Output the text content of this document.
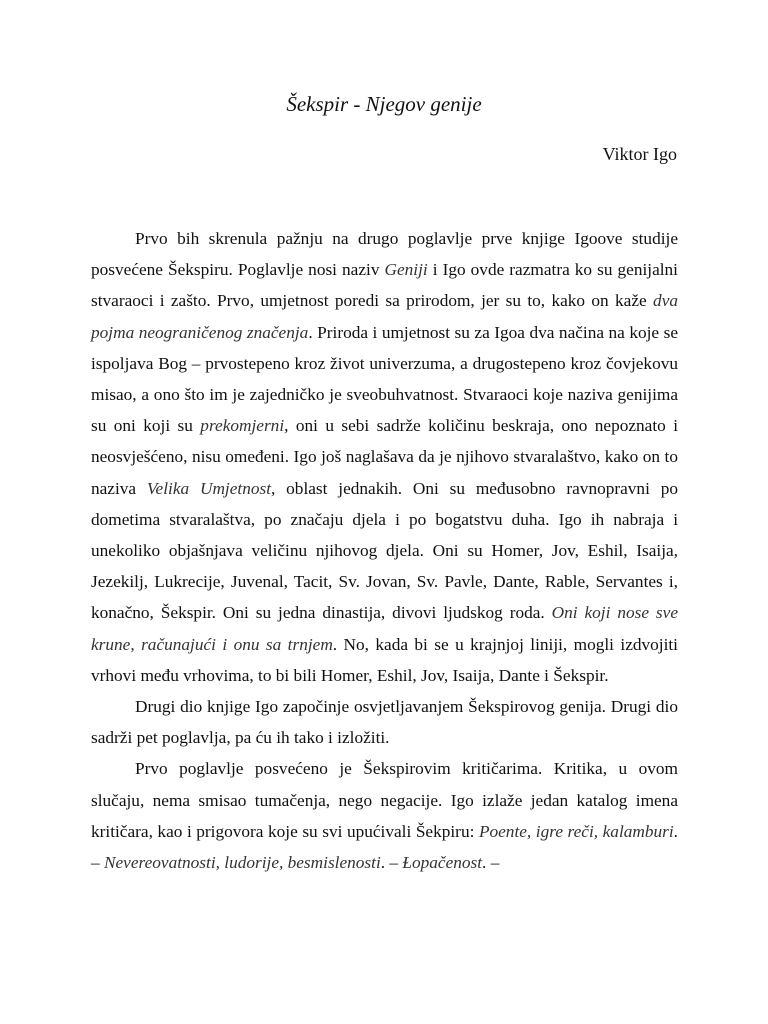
Šekspir - Njegov genije
Viktor Igo

Prvo bih skrenula pažnju na drugo poglavlje prve knjige Igoove studije posvećene Šekspiru. Poglavlje nosi naziv Geniji i Igo ovde razmatra ko su genijalni stvaraoci i zašto. Prvo, umjetnost poredi sa prirodom, jer su to, kako on kaže dva pojma neograničenog značenja. Priroda i umjetnost su za Igoa dva načina na koje se ispoljava Bog – prvostepeno kroz život univerzuma, a drugostepeno kroz čovjekovu misao, a ono što im je zajedničko je sveobuhvatnost. Stvaraoci koje naziva genijima su oni koji su prekomjerni, oni u sebi sadrže količinu beskraja, ono nepoznato i neosvješćeno, nisu omeđeni. Igo još naglašava da je njihovo stvaralaštvo, kako on to naziva Velika Umjetnost, oblast jednakih. Oni su međusobno ravnopravni po dometima stvaralaštva, po značaju djela i po bogatstvu duha. Igo ih nabraja i unekoliko objašnjava veličinu njihovog djela. Oni su Homer, Jov, Eshil, Isaija, Jezekilj, Lukrecije, Juvenal, Tacit, Sv. Jovan, Sv. Pavle, Dante, Rable, Servantes i, konačno, Šekspir. Oni su jedna dinastija, divovi ljudskog roda. Oni koji nose sve krune, računajući i onu sa trnjem. No, kada bi se u krajnjoj liniji, mogli izdvojiti vrhovi među vrhovima, to bi bili Homer, Eshil, Jov, Isaija, Dante i Šekspir.

Drugi dio knjige Igo započinje osvjetljavanjem Šekspirovog genija. Drugi dio sadrži pet poglavlja, pa ću ih tako i izložiti.

Prvo poglavlje posvećeno je Šekspirovim kritičarima. Kritika, u ovom slučaju, nema smisao tumačenja, nego negacije. Igo izlaže jedan katalog imena kritičara, kao i prigovora koje su svi upućivali Šekpiru: Poente, igre reči, kalamburi. – Nevereovatnosti, ludorije, besmislenosti. – Ɫopačenost. –
